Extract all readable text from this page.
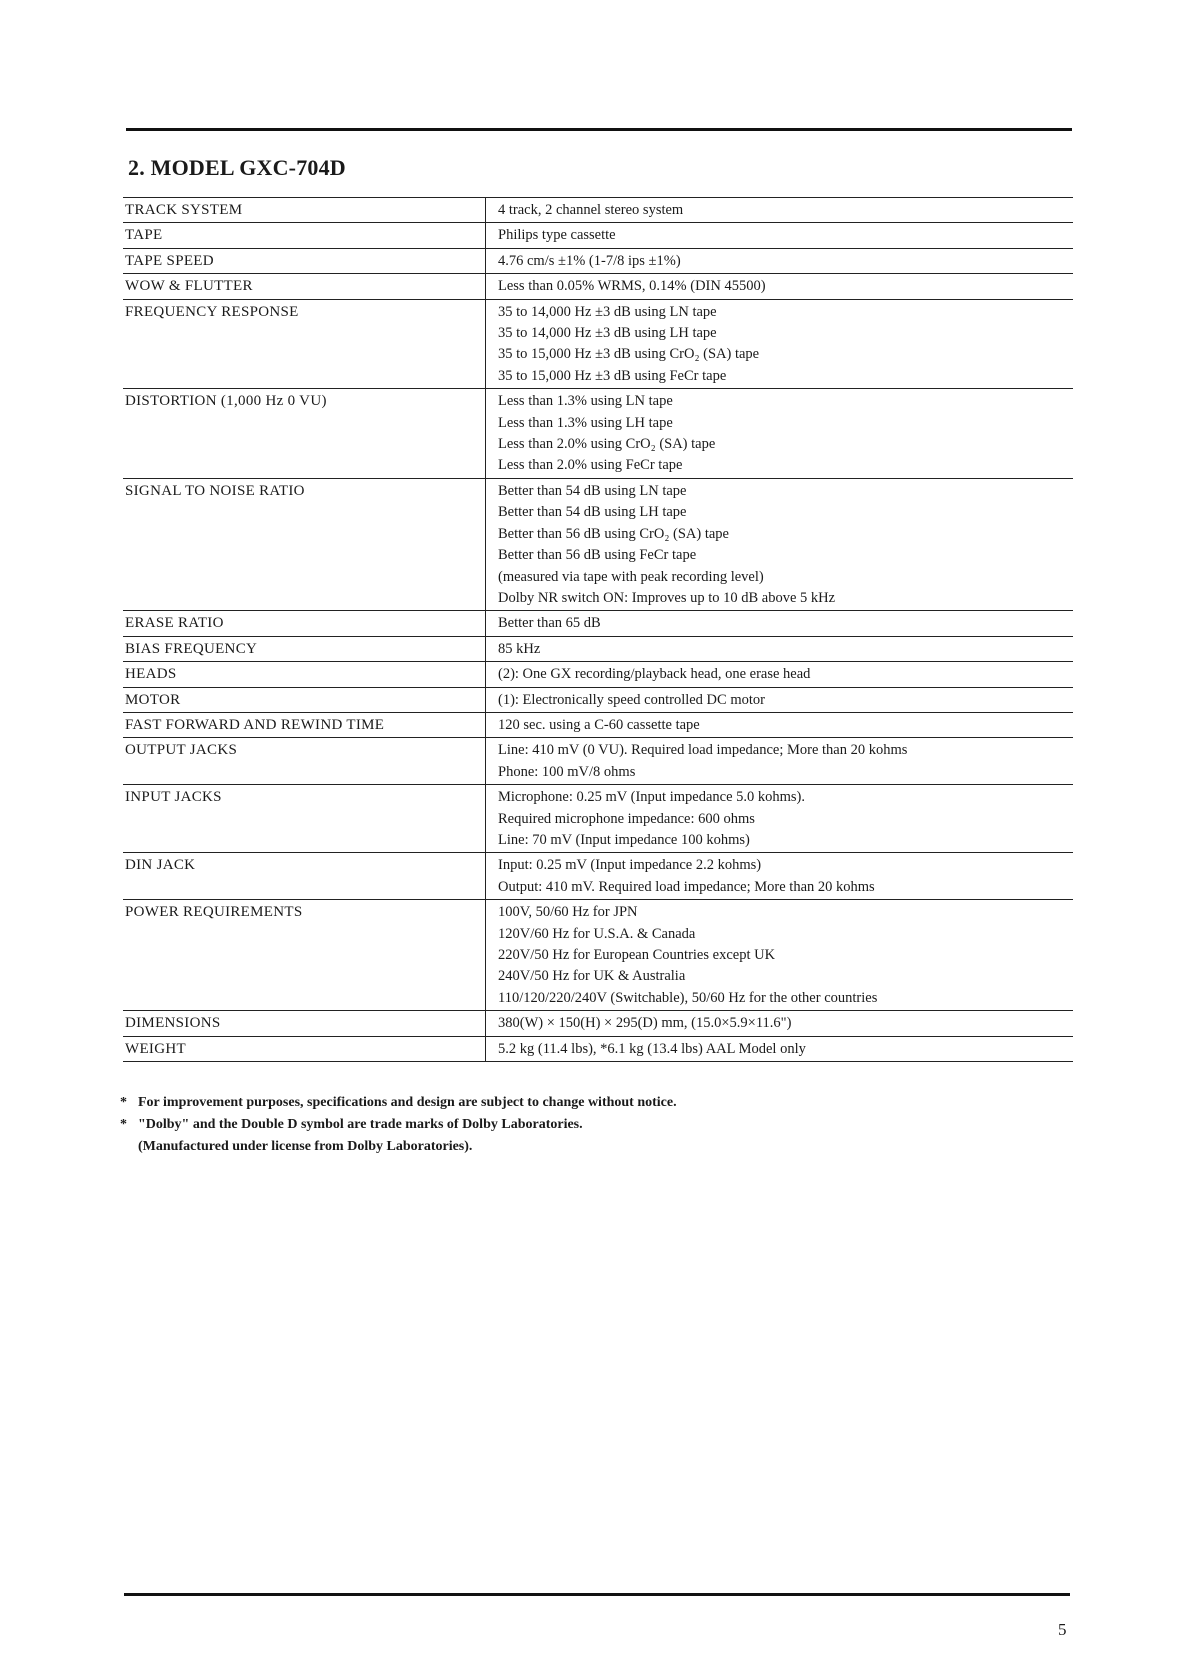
2. MODEL GXC-704D
TRACK SYSTEM	4 track, 2 channel stereo system
TAPE	Philips type cassette
TAPE SPEED	4.76 cm/s ±1% (1-7/8 ips ±1%)
WOW & FLUTTER	Less than 0.05% WRMS, 0.14% (DIN 45500)
FREQUENCY RESPONSE	35 to 14,000 Hz ±3 dB using LN tape
35 to 14,000 Hz ±3 dB using LH tape
35 to 15,000 Hz ±3 dB using CrO₂ (SA) tape
35 to 15,000 Hz ±3 dB using FeCr tape
DISTORTION (1,000 Hz 0 VU)	Less than 1.3% using LN tape
Less than 1.3% using LH tape
Less than 2.0% using CrO₂ (SA) tape
Less than 2.0% using FeCr tape
SIGNAL TO NOISE RATIO	Better than 54 dB using LN tape
Better than 54 dB using LH tape
Better than 56 dB using CrO₂ (SA) tape
Better than 56 dB using FeCr tape
(measured via tape with peak recording level)
Dolby NR switch ON: Improves up to 10 dB above 5 kHz
ERASE RATIO	Better than 65 dB
BIAS FREQUENCY	85 kHz
HEADS	(2): One GX recording/playback head, one erase head
MOTOR	(1): Electronically speed controlled DC motor
FAST FORWARD AND REWIND TIME	120 sec. using a C-60 cassette tape
OUTPUT JACKS	Line: 410 mV (0 VU). Required load impedance; More than 20 kohms
Phone: 100 mV/8 ohms
INPUT JACKS	Microphone: 0.25 mV (Input impedance 5.0 kohms).
Required microphone impedance: 600 ohms
Line: 70 mV (Input impedance 100 kohms)
DIN JACK	Input: 0.25 mV (Input impedance 2.2 kohms)
Output: 410 mV. Required load impedance; More than 20 kohms
POWER REQUIREMENTS	100V, 50/60 Hz for JPN
120V/60 Hz for U.S.A. & Canada
220V/50 Hz for European Countries except UK
240V/50 Hz for UK & Australia
110/120/220/240V (Switchable), 50/60 Hz for the other countries
DIMENSIONS	380(W) × 150(H) × 295(D) mm, (15.0×5.9×11.6")
WEIGHT	5.2 kg (11.4 lbs), *6.1 kg (13.4 lbs) AAL Model only
* For improvement purposes, specifications and design are subject to change without notice.
* "Dolby" and the Double D symbol are trade marks of Dolby Laboratories.
(Manufactured under license from Dolby Laboratories).
5
